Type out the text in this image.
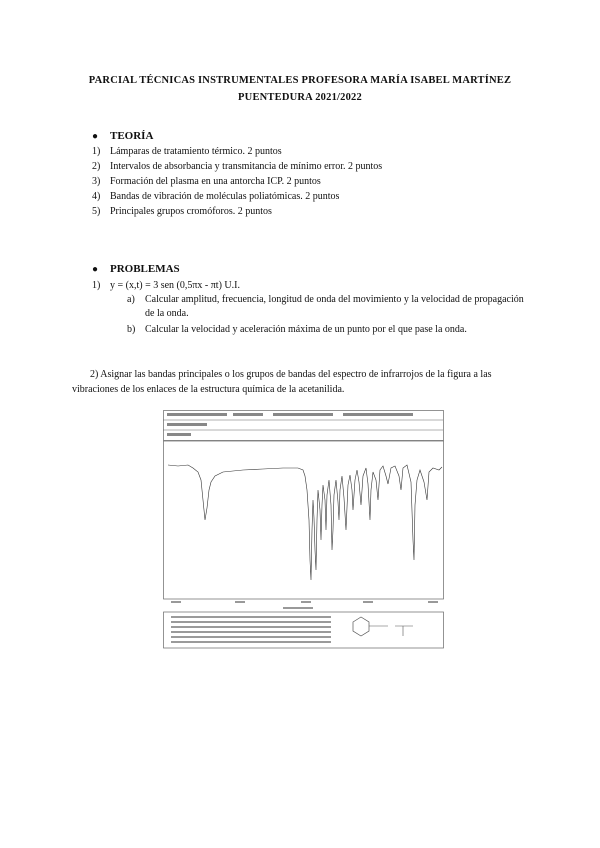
PARCIAL TÉCNICAS INSTRUMENTALES PROFESORA MARÍA ISABEL MARTÍNEZ
PUENTEDURA 2021/2022
● TEORÍA
1) Lámparas de tratamiento térmico. 2 puntos
2) Intervalos de absorbancia y transmitancia de mínimo error. 2 puntos
3) Formación del plasma en una antorcha ICP. 2 puntos
4) Bandas de vibración de moléculas poliatómicas. 2 puntos
5) Principales grupos cromóforos. 2 puntos
● PROBLEMAS
1) y = (x,t) = 3 sen (0,5πx - πt) U.I.
a) Calcular amplitud, frecuencia, longitud de onda del movimiento y la velocidad de propagación de la onda.
b) Calcular la velocidad y aceleración máxima de un punto por el que pase la onda.
2) Asignar las bandas principales o los grupos de bandas del espectro de infrarrojos de la figura a las vibraciones de los enlaces de la estructura química de la acetanilida.
